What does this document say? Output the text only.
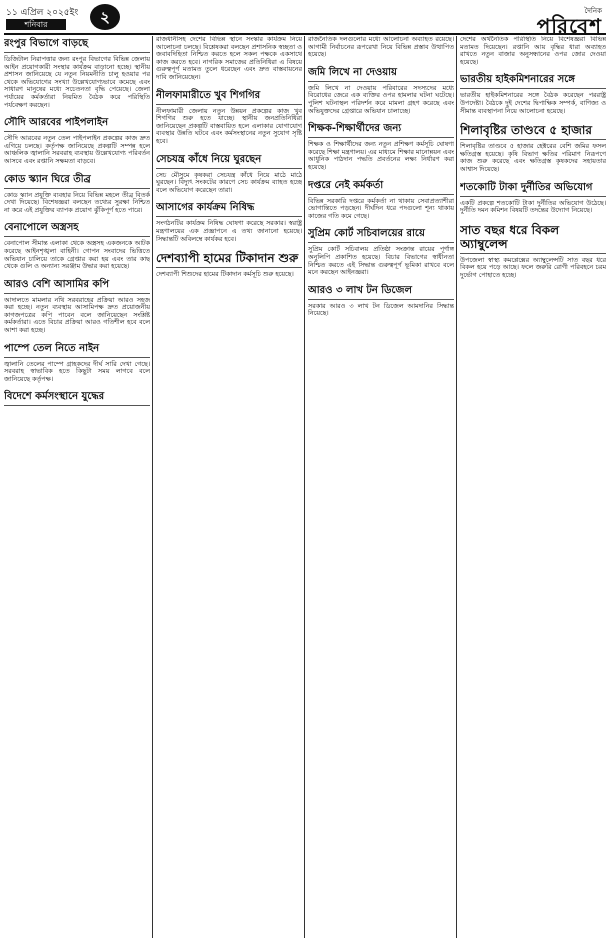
১১ এপ্রিল ২০২৫ইং
শনিবার	২	দৈনিক
পরিবেশ
রংপুর বিভাগে বাড়ছে

ডিজিটাল নিরাপত্তার জন্য রংপুর বিভাগের বিভিন্ন জেলায় আইন প্রয়োগকারী সংস্থার কার্যক্রম বাড়ানো হচ্ছে। স্থানীয় প্রশাসন জানিয়েছে যে নতুন নিয়মনীতি চালু হওয়ার পর থেকে অভিযোগের সংখ্যা উল্লেখযোগ্যভাবে কমেছে এবং সাধারণ মানুষের মধ্যে সচেতনতা বৃদ্ধি পেয়েছে। জেলা পর্যায়ের কর্মকর্তারা নিয়মিত বৈঠক করে পরিস্থিতি পর্যবেক্ষণ করছেন।

সৌদি আরবের পাইপলাইন

সৌদি আরবের নতুন তেল পাইপলাইন প্রকল্পের কাজ দ্রুত এগিয়ে চলছে। কর্তৃপক্ষ জানিয়েছে প্রকল্পটি সম্পন্ন হলে আঞ্চলিক জ্বালানি সরবরাহ ব্যবস্থায় উল্লেখযোগ্য পরিবর্তন আসবে এবং রপ্তানি সক্ষমতা বাড়বে।

কোড স্ক্যান ঘিরে তীব্র

কোড স্ক্যান প্রযুক্তি ব্যবহার নিয়ে বিভিন্ন মহলে তীব্র বিতর্ক দেখা দিয়েছে। বিশেষজ্ঞরা বলছেন তথ্যের সুরক্ষা নিশ্চিত না করে এই প্রযুক্তির ব্যাপক প্রয়োগ ঝুঁকিপূর্ণ হতে পারে।

বেনাপোলে অস্ত্রসহ

বেনাপোল সীমান্ত এলাকা থেকে অস্ত্রসহ একজনকে আটক করেছে আইনশৃঙ্খলা বাহিনী। গোপন সংবাদের ভিত্তিতে অভিযান চালিয়ে তাকে গ্রেপ্তার করা হয় এবং তার কাছ থেকে গুলি ও অন্যান্য সরঞ্জাম উদ্ধার করা হয়েছে।

আরও বেশি আসামির কপি

আদালতে মামলার নথি সরবরাহের প্রক্রিয়া আরও সহজ করা হচ্ছে। নতুন ব্যবস্থায় আসামিপক্ষ দ্রুত প্রয়োজনীয় কাগজপত্রের কপি পাবেন বলে জানিয়েছেন সংশ্লিষ্ট কর্মকর্তারা। এতে বিচার প্রক্রিয়া আরও গতিশীল হবে বলে আশা করা হচ্ছে।

পাম্পে তেল নিতে নাইন

জ্বালানি তেলের পাম্পে গ্রাহকদের দীর্ঘ সারি দেখা গেছে। সরবরাহ স্বাভাবিক হতে কিছুটা সময় লাগবে বলে জানিয়েছে কর্তৃপক্ষ।

বিদেশে কর্মসংস্থানে যুদ্ধের

রাজধানীসহ দেশের বিভিন্ন স্থানে সংস্কার কার্যক্রম নিয়ে আলোচনা চলছে। বিশ্লেষকরা বলছেন প্রশাসনিক স্বচ্ছতা ও জবাবদিহিতা নিশ্চিত করতে হলে সকল পক্ষকে একসাথে কাজ করতে হবে। নাগরিক সমাজের প্রতিনিধিরা এ বিষয়ে গুরুত্বপূর্ণ মতামত তুলে ধরেছেন এবং দ্রুত বাস্তবায়নের দাবি জানিয়েছেন।

নীলফামারীতে খুব শিগগির

নীলফামারী জেলায় নতুন উন্নয়ন প্রকল্পের কাজ খুব শিগগির শুরু হতে যাচ্ছে। স্থানীয় জনপ্রতিনিধিরা জানিয়েছেন প্রকল্পটি বাস্তবায়িত হলে এলাকার যোগাযোগ ব্যবস্থার উন্নতি ঘটবে এবং কর্মসংস্থানের নতুন সুযোগ সৃষ্টি হবে।

সেচযন্ত্র কাঁধে নিয়ে ঘুরছেন

সেচ মৌসুমে কৃষকরা সেচযন্ত্র কাঁধে নিয়ে মাঠে মাঠে ঘুরছেন। বিদ্যুৎ সংকটের কারণে সেচ কার্যক্রম ব্যাহত হচ্ছে বলে অভিযোগ করেছেন তারা।

আসাগের কার্যক্রম নিষিদ্ধ

সংগঠনটির কার্যক্রম নিষিদ্ধ ঘোষণা করেছে সরকার। স্বরাষ্ট্র মন্ত্রণালয়ের এক প্রজ্ঞাপনে এ তথ্য জানানো হয়েছে। সিদ্ধান্তটি অবিলম্বে কার্যকর হবে।

দেশব্যাপী হামের টিকাদান শুরু

দেশব্যাপী শিশুদের হামের টিকাদান কর্মসূচি শুরু হয়েছে।

রাজনৈতিক দলগুলোর মধ্যে আলোচনা অব্যাহত রয়েছে। আগামী নির্বাচনের রূপরেখা নিয়ে বিভিন্ন প্রস্তাব উত্থাপিত হয়েছে।

জমি লিখে না দেওয়ায়

জমি লিখে না দেওয়ায় পরিবারের সদস্যদের মধ্যে বিরোধের জেরে এক ব্যক্তির ওপর হামলার ঘটনা ঘটেছে। পুলিশ ঘটনাস্থল পরিদর্শন করে মামলা গ্রহণ করেছে এবং অভিযুক্তদের গ্রেপ্তারে অভিযান চালাচ্ছে।

শিক্ষক-শিক্ষার্থীদের জন্য

শিক্ষক ও শিক্ষার্থীদের জন্য নতুন প্রশিক্ষণ কর্মসূচি ঘোষণা করেছে শিক্ষা মন্ত্রণালয়। এর মাধ্যমে শিক্ষার মানোন্নয়ন এবং আধুনিক পাঠদান পদ্ধতি প্রবর্তনের লক্ষ্য নির্ধারণ করা হয়েছে।

দপ্তরে নেই কর্মকর্তা

বিভিন্ন সরকারি দপ্তরে কর্মকর্তা না থাকায় সেবাপ্রত্যাশীরা ভোগান্তিতে পড়ছেন। দীর্ঘদিন ধরে পদগুলো শূন্য থাকায় কাজের গতি কমে গেছে।

সুপ্রিম কোর্ট সচিবালয়ের রায়ে

সুপ্রিম কোর্ট সচিবালয় প্রতিষ্ঠা সংক্রান্ত রায়ের পূর্ণাঙ্গ অনুলিপি প্রকাশিত হয়েছে। বিচার বিভাগের স্বাধীনতা নিশ্চিত করতে এই সিদ্ধান্ত গুরুত্বপূর্ণ ভূমিকা রাখবে বলে মনে করছেন আইনজ্ঞরা।

আরও ৩ লাখ টন ডিজেল

সরকার আরও ৩ লাখ টন ডিজেল আমদানির সিদ্ধান্ত নিয়েছে।

দেশের অর্থনৈতিক পরিস্থিতি নিয়ে বিশেষজ্ঞরা বিভিন্ন মতামত দিয়েছেন। রপ্তানি আয় বৃদ্ধির ধারা অব্যাহত রাখতে নতুন বাজার অনুসন্ধানের ওপর জোর দেওয়া হয়েছে।

ভারতীয় হাইকমিশনারের সঙ্গে

ভারতীয় হাইকমিশনারের সঙ্গে বৈঠক করেছেন পররাষ্ট্র উপদেষ্টা। বৈঠকে দুই দেশের দ্বিপাক্ষিক সম্পর্ক, বাণিজ্য ও সীমান্ত ব্যবস্থাপনা নিয়ে আলোচনা হয়েছে।

শিলাবৃষ্টির তাণ্ডবে ৫ হাজার

শিলাবৃষ্টির তাণ্ডবে ৫ হাজার হেক্টরের বেশি জমির ফসল ক্ষতিগ্রস্ত হয়েছে। কৃষি বিভাগ ক্ষতির পরিমাণ নিরূপণে কাজ শুরু করেছে এবং ক্ষতিগ্রস্ত কৃষকদের সহায়তার আশ্বাস দিয়েছে।

শতকোটি টাকা দুর্নীতির অভিযোগ

একটি প্রকল্পে শতকোটি টাকা দুর্নীতির অভিযোগ উঠেছে। দুর্নীতি দমন কমিশন বিষয়টি তদন্তের উদ্যোগ নিয়েছে।

সাত বছর ধরে বিকল অ্যাম্বুলেন্স

উপজেলা স্বাস্থ্য কমপ্লেক্সের অ্যাম্বুলেন্সটি সাত বছর ধরে বিকল হয়ে পড়ে আছে। ফলে জরুরি রোগী পরিবহনে চরম দুর্ভোগ পোহাতে হচ্ছে।
